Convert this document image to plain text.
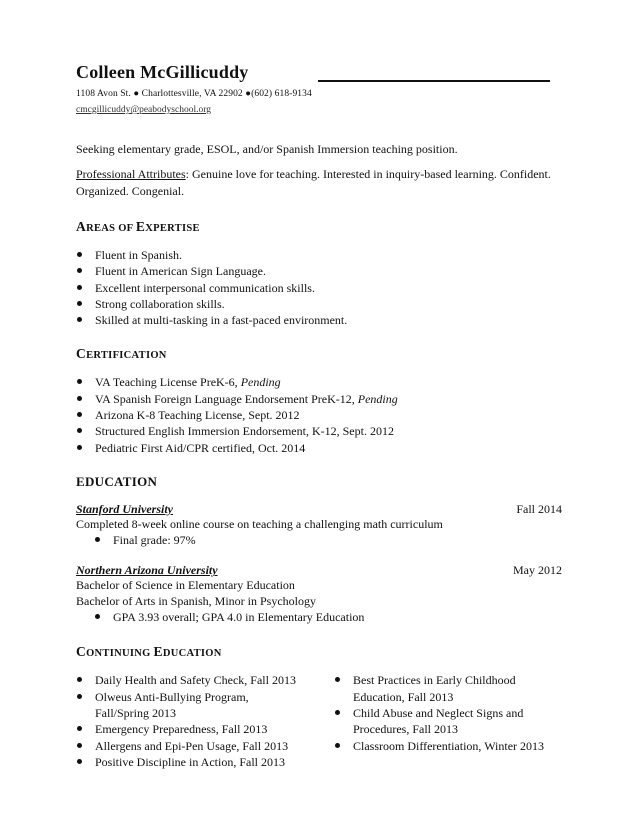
Colleen McGillicuddy
1108 Avon St. ● Charlottesville, VA 22902 ●(602) 618-9134
cmcgillicuddy@peabodyschool.org
Seeking elementary grade, ESOL, and/or Spanish Immersion teaching position.
Professional Attributes: Genuine love for teaching. Interested in inquiry-based learning. Confident. Organized. Congenial.
AREAS OF EXPERTISE
Fluent in Spanish.
Fluent in American Sign Language.
Excellent interpersonal communication skills.
Strong collaboration skills.
Skilled at multi-tasking in a fast-paced environment.
CERTIFICATION
VA Teaching License PreK-6, Pending
VA Spanish Foreign Language Endorsement PreK-12, Pending
Arizona K-8 Teaching License, Sept. 2012
Structured English Immersion Endorsement, K-12, Sept. 2012
Pediatric First Aid/CPR certified, Oct. 2014
EDUCATION
Stanford University	Fall 2014
Completed 8-week online course on teaching a challenging math curriculum
Final grade: 97%
Northern Arizona University	May 2012
Bachelor of Science in Elementary Education
Bachelor of Arts in Spanish, Minor in Psychology
GPA 3.93 overall; GPA 4.0 in Elementary Education
CONTINUING EDUCATION
Daily Health and Safety Check, Fall 2013
Olweus Anti-Bullying Program, Fall/Spring 2013
Emergency Preparedness, Fall 2013
Allergens and Epi-Pen Usage, Fall 2013
Positive Discipline in Action, Fall 2013
Best Practices in Early Childhood Education, Fall 2013
Child Abuse and Neglect Signs and Procedures, Fall 2013
Classroom Differentiation, Winter 2013
